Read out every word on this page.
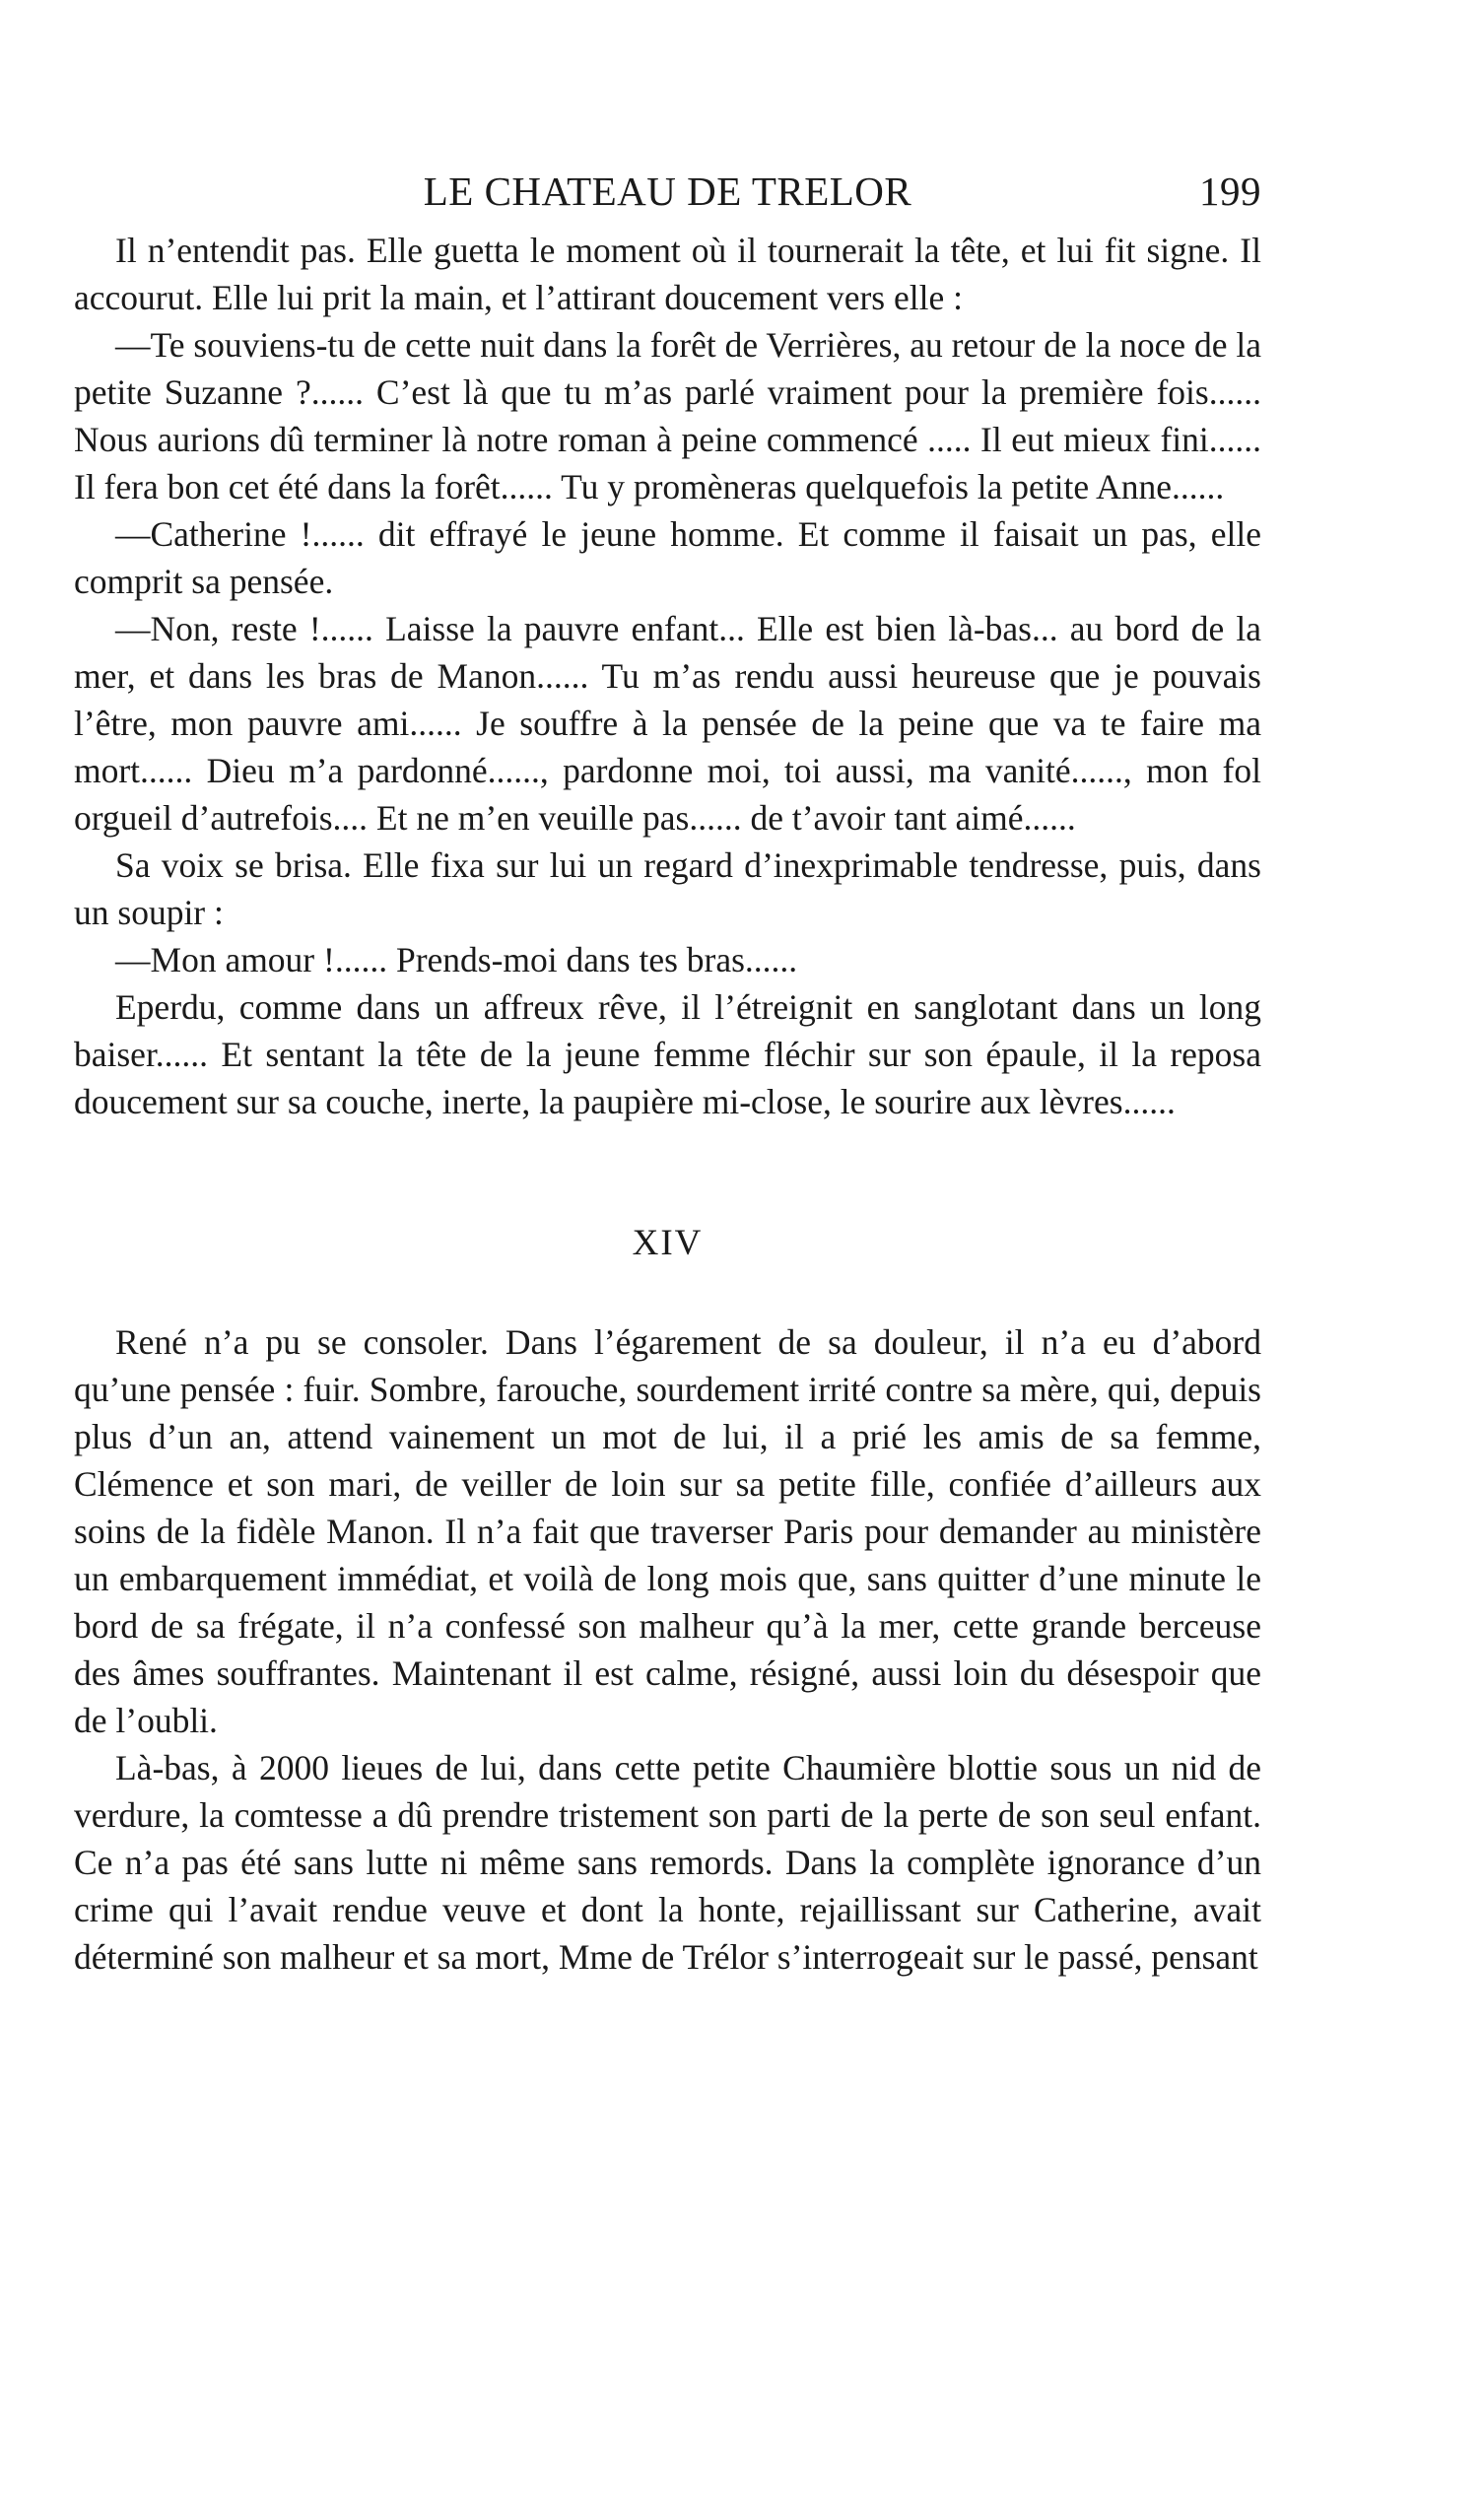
LE CHATEAU DE TRELOR	199

Il n’entendit pas. Elle guetta le moment où il tournerait la tête, et lui fit signe. Il accourut. Elle lui prit la main, et l’attirant doucement vers elle :

—Te souviens-tu de cette nuit dans la forêt de Verrières, au retour de la noce de la petite Suzanne ?...... C’est là que tu m’as parlé vraiment pour la première fois...... Nous aurions dû terminer là notre roman à peine commencé ..... Il eut mieux fini...... Il fera bon cet été dans la forêt...... Tu y promèneras quelquefois la petite Anne......

—Catherine !...... dit effrayé le jeune homme. Et comme il faisait un pas, elle comprit sa pensée.

—Non, reste !...... Laisse la pauvre enfant... Elle est bien là-bas... au bord de la mer, et dans les bras de Manon...... Tu m’as rendu aussi heureuse que je pouvais l’être, mon pauvre ami...... Je souffre à la pensée de la peine que va te faire ma mort...... Dieu m’a pardonné......, pardonne moi, toi aussi, ma vanité......, mon fol orgueil d’autrefois.... Et ne m’en veuille pas...... de t’avoir tant aimé......

Sa voix se brisa. Elle fixa sur lui un regard d’inexprimable tendresse, puis, dans un soupir :

—Mon amour !...... Prends-moi dans tes bras......

Eperdu, comme dans un affreux rêve, il l’étreignit en sanglotant dans un long baiser...... Et sentant la tête de la jeune femme fléchir sur son épaule, il la reposa doucement sur sa couche, inerte, la paupière mi-close, le sourire aux lèvres......

XIV

René n’a pu se consoler. Dans l’égarement de sa douleur, il n’a eu d’abord qu’une pensée : fuir. Sombre, farouche, sourdement irrité contre sa mère, qui, depuis plus d’un an, attend vainement un mot de lui, il a prié les amis de sa femme, Clémence et son mari, de veiller de loin sur sa petite fille, confiée d’ailleurs aux soins de la fidèle Manon. Il n’a fait que traverser Paris pour demander au ministère un embarquement immédiat, et voilà de long mois que, sans quitter d’une minute le bord de sa frégate, il n’a confessé son malheur qu’à la mer, cette grande berceuse des âmes souffrantes. Maintenant il est calme, résigné, aussi loin du désespoir que de l’oubli.

Là-bas, à 2000 lieues de lui, dans cette petite Chaumière blottie sous un nid de verdure, la comtesse a dû prendre tristement son parti de la perte de son seul enfant. Ce n’a pas été sans lutte ni même sans remords. Dans la complète ignorance d’un crime qui l’avait rendue veuve et dont la honte, rejaillissant sur Catherine, avait déterminé son malheur et sa mort, Mme de Trélor s’interrogeait sur le passé, pensant
